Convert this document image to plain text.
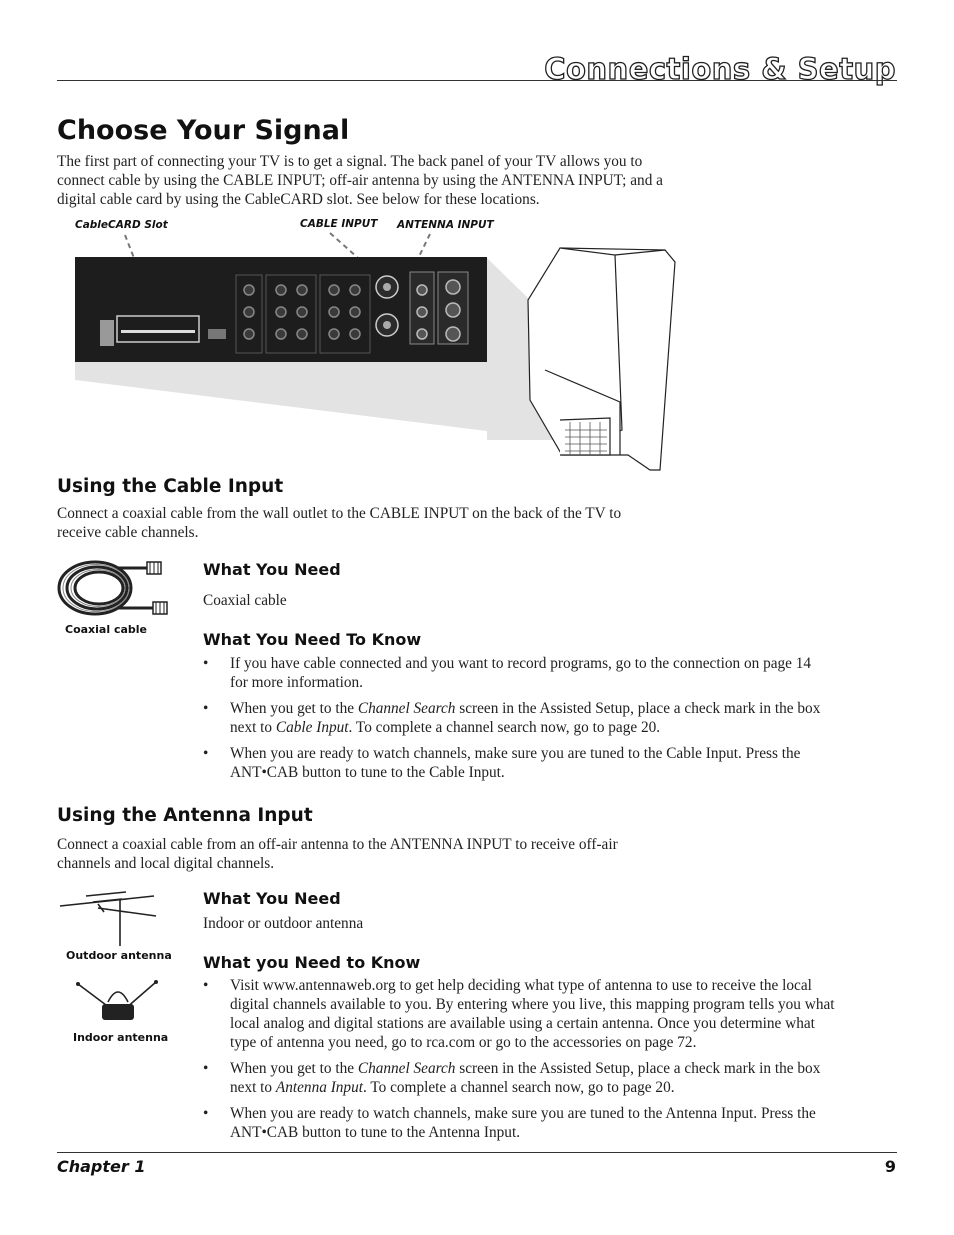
Connections & Setup
Choose Your Signal
The first part of connecting your TV is to get a signal. The back panel of your TV allows you to
connect cable by using the CABLE INPUT; off-air antenna by using the ANTENNA INPUT; and a
digital cable card by using the CableCARD slot. See below for these locations.
CableCARD Slot	CABLE INPUT ANTENNA INPUT
Using the Cable Input
Connect a coaxial cable from the wall outlet to the CABLE INPUT on the back of the TV to
receive cable channels.
Coaxial cable
What You Need
Coaxial cable
What You Need To Know
• If you have cable connected and you want to record programs, go to the connection on page 14
for more information.
• When you get to the Channel Search screen in the Assisted Setup, place a check mark in the box
next to Cable Input. To complete a channel search now, go to page 20.
• When you are ready to watch channels, make sure you are tuned to the Cable Input. Press the
ANT•CAB button to tune to the Cable Input.
Using the Antenna Input
Connect a coaxial cable from an off-air antenna to the ANTENNA INPUT to receive off-air
channels and local digital channels.
Outdoor antenna
Indoor antenna
What You Need
Indoor or outdoor antenna
What you Need to Know
• Visit www.antennaweb.org to get help deciding what type of antenna to use to receive the local
digital channels available to you. By entering where you live, this mapping program tells you what
local analog and digital stations are available using a certain antenna. Once you determine what
type of antenna you need, go to rca.com or go to the accessories on page 72.
• When you get to the Channel Search screen in the Assisted Setup, place a check mark in the box
next to Antenna Input. To complete a channel search now, go to page 20.
• When you are ready to watch channels, make sure you are tuned to the Antenna Input. Press the
ANT•CAB button to tune to the Antenna Input.
Chapter 1	9
